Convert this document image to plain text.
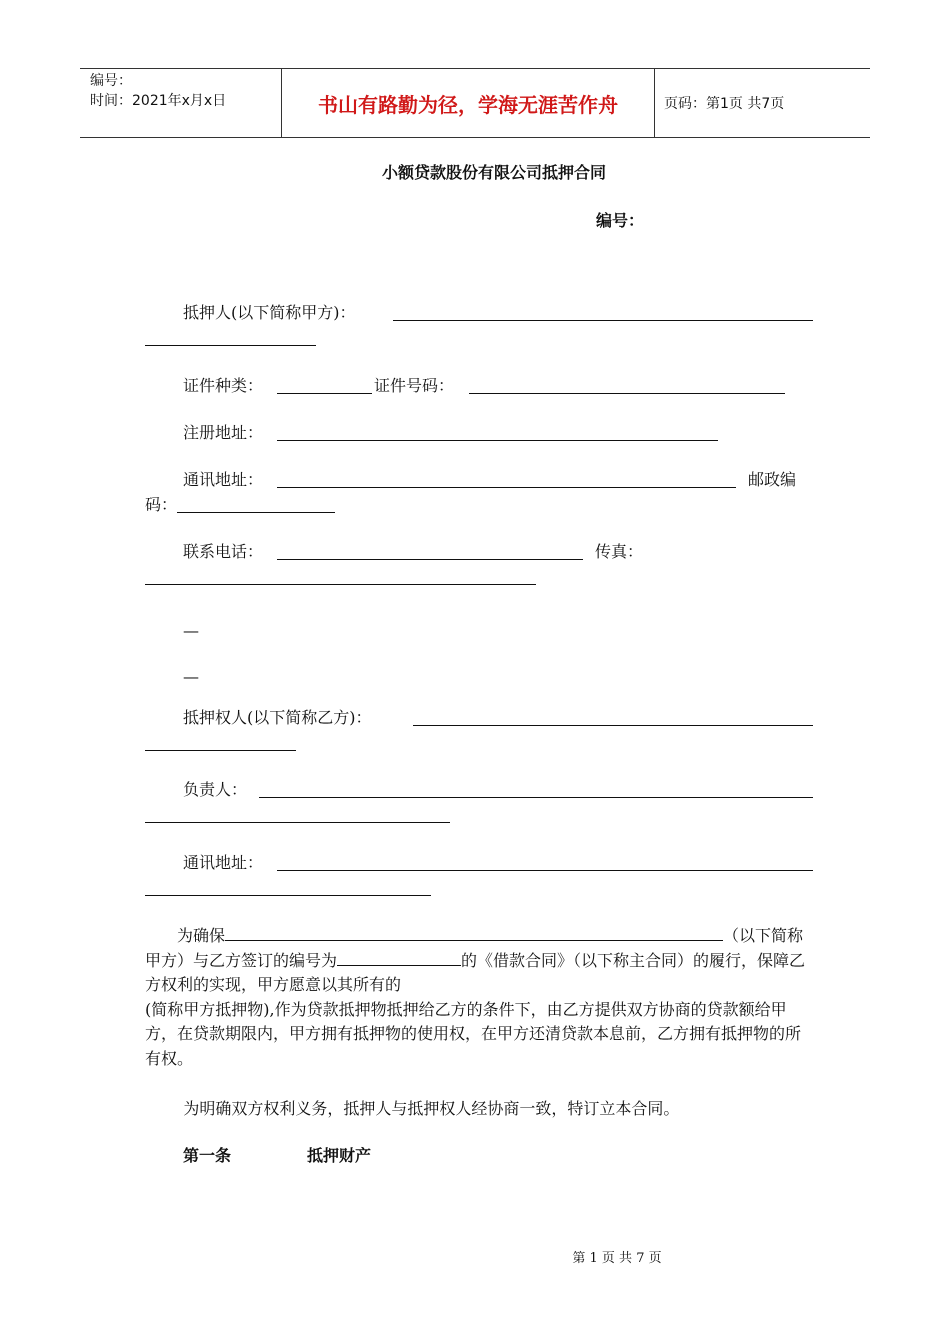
编号：
时间：2021年x月x日	书山有路勤为径，学海无涯苦作舟	页码：第1页 共7页
小额贷款股份有限公司抵押合同
编号：
抵押人(以下简称甲方)：
证件种类：	证件号码：
注册地址：
通讯地址：	邮政编
码：
联系电话：	传真：
—
—
抵押权人(以下简称乙方)：
负责人：
通讯地址：

为确保	（以下简称甲方）与乙方签订的编号为	的《借款合同》（以下称主合同）的履行，保障乙方权利的实现，甲方愿意以其所有的

(简称甲方抵押物),作为贷款抵押物抵押给乙方的条件下，由乙方提供双方协商的贷款额给甲方，在贷款期限内，甲方拥有抵押物的使用权，在甲方还清贷款本息前，乙方拥有抵押物的所有权。

为明确双方权利义务，抵押人与抵押权人经协商一致，特订立本合同。

第一条	抵押财产
第 1 页 共 7 页
